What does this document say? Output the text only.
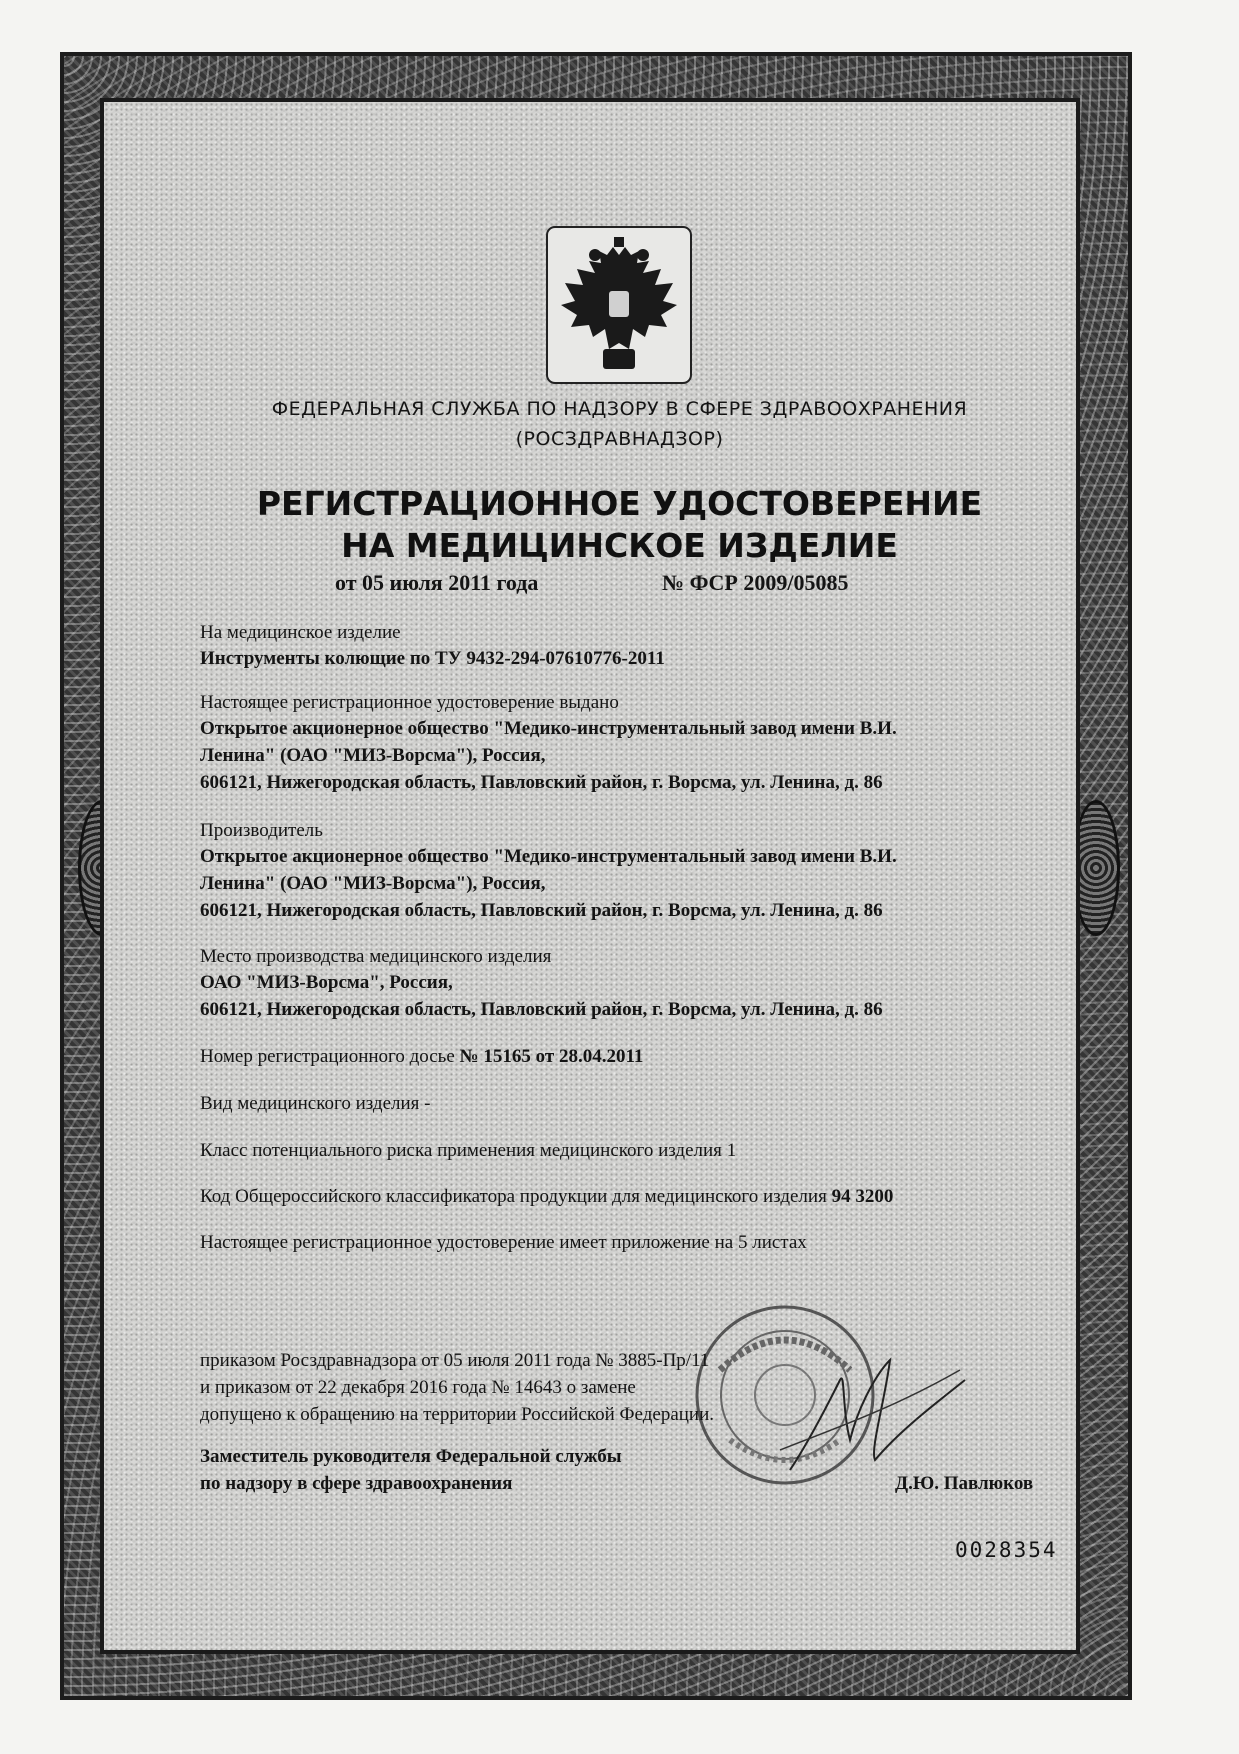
ФЕДЕРАЛЬНАЯ СЛУЖБА ПО НАДЗОРУ В СФЕРЕ ЗДРАВООХРАНЕНИЯ
(РОСЗДРАВНАДЗОР)
РЕГИСТРАЦИОННОЕ УДОСТОВЕРЕНИЕ
НА МЕДИЦИНСКОЕ ИЗДЕЛИЕ
от 05 июля 2011 года	№ ФСР 2009/05085
На медицинское изделие
Инструменты колющие по ТУ 9432-294-07610776-2011
Настоящее регистрационное удостоверение выдано
Открытое акционерное общество "Медико-инструментальный завод имени В.И.
Ленина" (ОАО "МИЗ-Ворсма"), Россия,
606121, Нижегородская область, Павловский район, г. Ворсма, ул. Ленина, д. 86
Производитель
Открытое акционерное общество "Медико-инструментальный завод имени В.И.
Ленина" (ОАО "МИЗ-Ворсма"), Россия,
606121, Нижегородская область, Павловский район, г. Ворсма, ул. Ленина, д. 86
Место производства медицинского изделия
ОАО "МИЗ-Ворсма", Россия,
606121, Нижегородская область, Павловский район, г. Ворсма, ул. Ленина, д. 86
Номер регистрационного досье № 15165 от 28.04.2011
Вид медицинского изделия -
Класс потенциального риска применения медицинского изделия 1
Код Общероссийского классификатора продукции для медицинского изделия 94 3200
Настоящее регистрационное удостоверение имеет приложение на 5 листах
приказом Росздравнадзора от 05 июля 2011 года № 3885-Пр/11
и приказом от 22 декабря 2016 года № 14643 о замене
допущено к обращению на территории Российской Федерации.
Заместитель руководителя Федеральной службы
по надзору в сфере здравоохранения	Д.Ю. Павлюков
0028354
